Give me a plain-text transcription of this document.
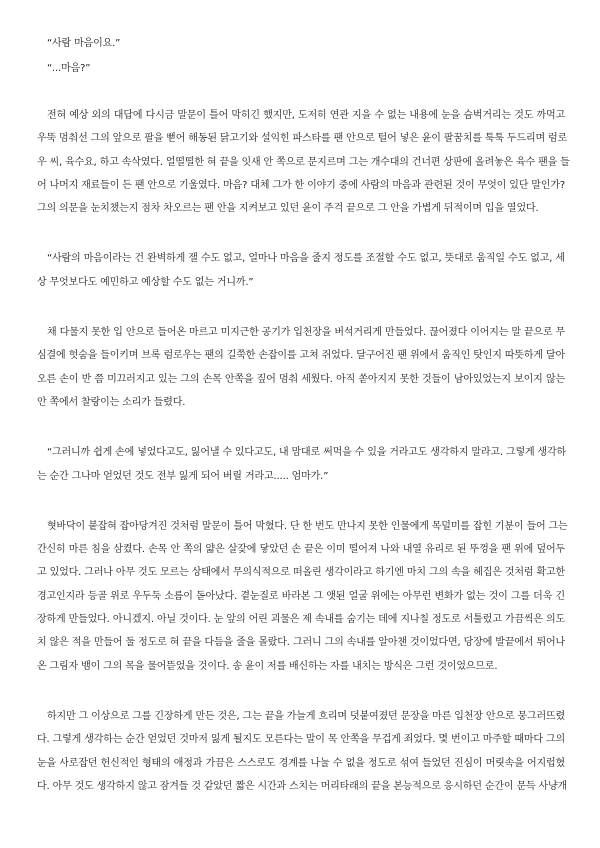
“사람 마음이요.”
“...마음?”
전혀 예상 외의 대답에 다시금 말문이 틀어 막히긴 했지만, 도저히 연관 지을 수 없는 내용에 눈을 슴벅거리는 것도 까먹고
우뚝 멈춰선 그의 앞으로 팔을 뻗어 해동된 닭고기와 설익힌 파스타를 팬 안으로 털어 넣은 윤이 팔꿈치를 툭툭 두드리며 럼로
우 씨, 육수요, 하고 속삭였다. 얼떨떨한 혀 끝을 잇새 안 쪽으로 문지르며 그는 개수대의 건너편 상판에 올려놓은 육수 팬을 들
어 나머지 재료들이 든 팬 안으로 기울였다. 마음? 대체 그가 한 이야기 중에 사람의 마음과 관련된 것이 무엇이 있단 말인가?
그의 의문을 눈치챘는지 점차 차오르는 팬 안을 지켜보고 있던 윤이 주걱 끝으로 그 안을 가볍게 뒤적이며 입을 열었다.
“사람의 마음이라는 건 완벽하게 잴 수도 없고, 얼마나 마음을 줄지 정도를 조절할 수도 없고, 뜻대로 움직일 수도 없고, 세
상 무엇보다도 예민하고 예상할 수도 없는 거니까.”
채 다물지 못한 입 안으로 들어온 마르고 미지근한 공기가 입천장을 버석거리게 만들었다. 끊어졌다 이어지는 말 끝으로 무
심결에 헛숨을 들이키며 브록 럼로우는 팬의 길쭉한 손잡이를 고쳐 쥐었다. 달구어진 팬 위에서 움직인 탓인지 따뜻하게 달아
오른 손이 반 쯤 미끄러지고 있는 그의 손목 안쪽을 짚어 멈춰 세웠다. 아직 쏟아지지 못한 것들이 남아있었는지 보이지 않는
안 쪽에서 찰랑이는 소리가 들렸다.
“그러니까 쉽게 손에 넣었다고도, 잃어낼 수 있다고도, 내 맘대로 써먹을 수 있을 거라고도 생각하지 말라고. 그렇게 생각하
는 순간 그나마 얻었던 것도 전부 잃게 되어 버릴 거라고..... 엄마가.”
혓바닥이 붙잡혀 잡아당겨진 것처럼 말문이 틀어 막혔다. 단 한 번도 만나지 못한 인물에게 목덜미를 잡힌 기분이 들어 그는
간신히 마른 침을 삼켰다. 손목 안 쪽의 얇은 살갗에 닿았던 손 끝은 이미 떨어져 나와 내열 유리로 된 뚜껑을 팬 위에 덮어두
고 있었다. 그러나 아무 것도 모르는 상태에서 무의식적으로 떠올린 생각이라고 하기엔 마치 그의 속을 헤집은 것처럼 확고한
경고인지라 등골 위로 우두둑 소름이 돋아났다. 곁눈질로 바라본 그 앳된 얼굴 위에는 아무런 변화가 없는 것이 그를 더욱 긴
장하게 만들었다. 아니겠지. 아닐 것이다. 눈 앞의 어린 괴물은 제 속내를 숨기는 데에 지나칠 정도로 서툴렀고 가끔씩은 의도
치 않은 적을 만들어 둘 정도로 혀 끝을 다듬을 줄을 몰랐다. 그러니 그의 속내를 알아챈 것이었다면, 당장에 발끝에서 튀어나
온 그림자 뱀이 그의 목을 물어뜯었을 것이다. 송 윤이 저를 배신하는 자를 내치는 방식은 그런 것이었으므로.
하지만 그 이상으로 그를 긴장하게 만든 것은, 그는 끝을 가늘게 흐리며 덧붙여졌던 문장을 마른 입천장 안으로 뭉그러뜨렸
다. 그렇게 생각하는 순간 얻었던 것마저 잃게 될지도 모른다는 말이 목 안쪽을 무겁게 죄었다. 몇 번이고 마주할 때마다 그의
눈을 사로잡던 헌신적인 형태의 애정과 가끔은 스스로도 경계를 나눌 수 없을 정도로 섞여 들었던 진심이 머릿속을 어지럽혔
다. 아무 것도 생각하지 않고 잠겨들 것 같았던 짧은 시간과 스치는 머리타래의 끝을 본능적으로 응시하던 순간이 문득 사냥개
